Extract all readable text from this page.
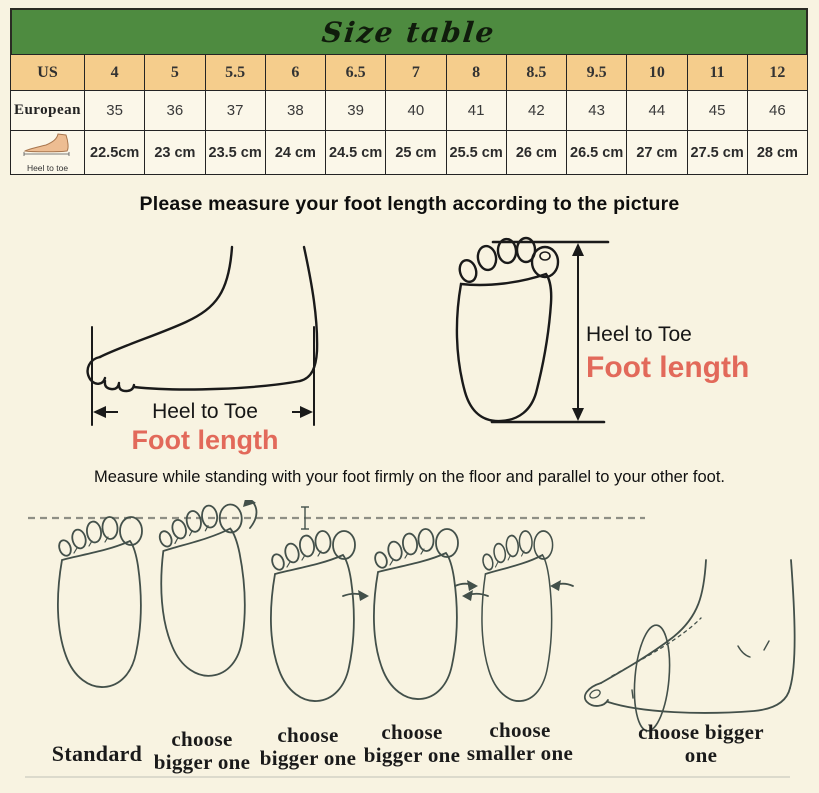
Size table
US	4	5	5.5	6	6.5	7	8	8.5	9.5	10	11	12
European	35	36	37	38	39	40	41	42	43	44	45	46

Heel to toe	22.5cm	23 cm	23.5 cm	24 cm	24.5 cm	25 cm	25.5 cm	26 cm	26.5 cm	27 cm	27.5 cm	28 cm
Please measure your foot length according to the picture
Measure while standing with your foot firmly on the floor and parallel to your other foot.
Heel to Toe
Foot length
Heel to Toe
Foot length
Standard
choose bigger one
choose bigger one
choose bigger one
choose smaller one
choose bigger one
